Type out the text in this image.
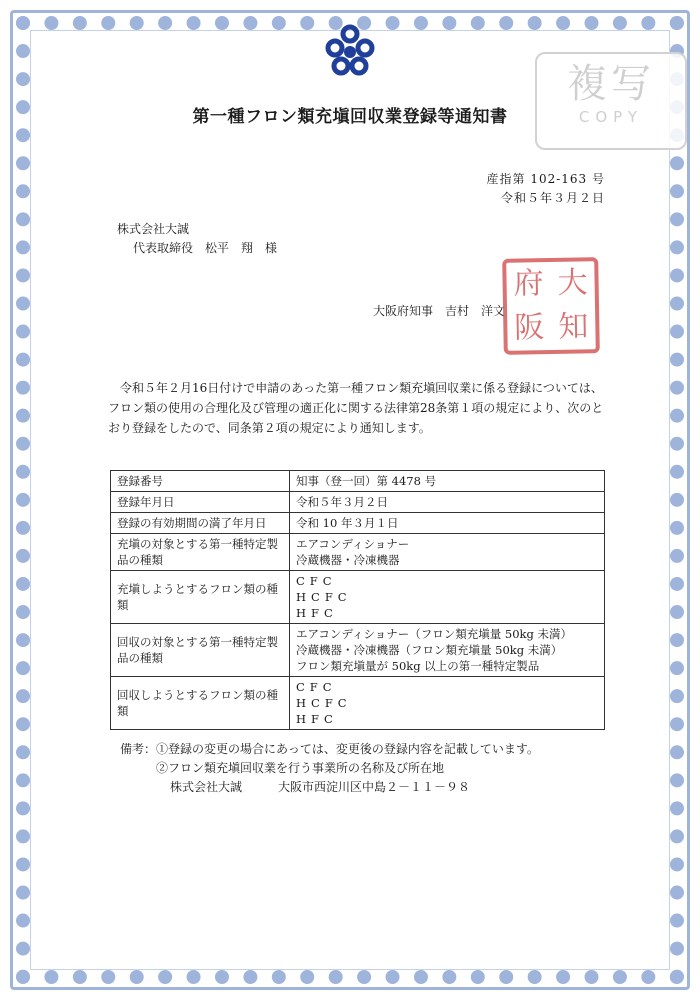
複写
COPY
第一種フロン類充塡回収業登録等通知書
産指第 102-163 号
令和５年３月２日
株式会社大誠
代表取締役　松平　翔　様
大阪府知事　吉村　洋文
府 大
阪 知
令和５年２月16日付けで申請のあった第一種フロン類充塡回収業に係る登録については、フロン類の使用の合理化及び管理の適正化に関する法律第28条第１項の規定により、次のとおり登録をしたので、同条第２項の規定により通知します。
登録番号	知事（登一回）第 4478 号

登録年月日	令和５年３月２日

登録の有効期間の満了年月日	令和 10 年３月１日

充塡の対象とする第一種特定製品の種類	エアコンディショナー
冷蔵機器・冷凍機器

充塡しようとするフロン類の種類	CFC
HCFC
HFC

回収の対象とする第一種特定製品の種類	エアコンディショナー（フロン類充塡量 50kg 未満）
冷蔵機器・冷凍機器（フロン類充塡量 50kg 未満）
フロン類充塡量が 50kg 以上の第一種特定製品

回収しようとするフロン類の種類	CFC
HCFC
HFC
備考：①登録の変更の場合にあっては、変更後の登録内容を記載しています。
②フロン類充塡回収業を行う事業所の名称及び所在地
株式会社大誠	大阪市西淀川区中島２－１１－９８
